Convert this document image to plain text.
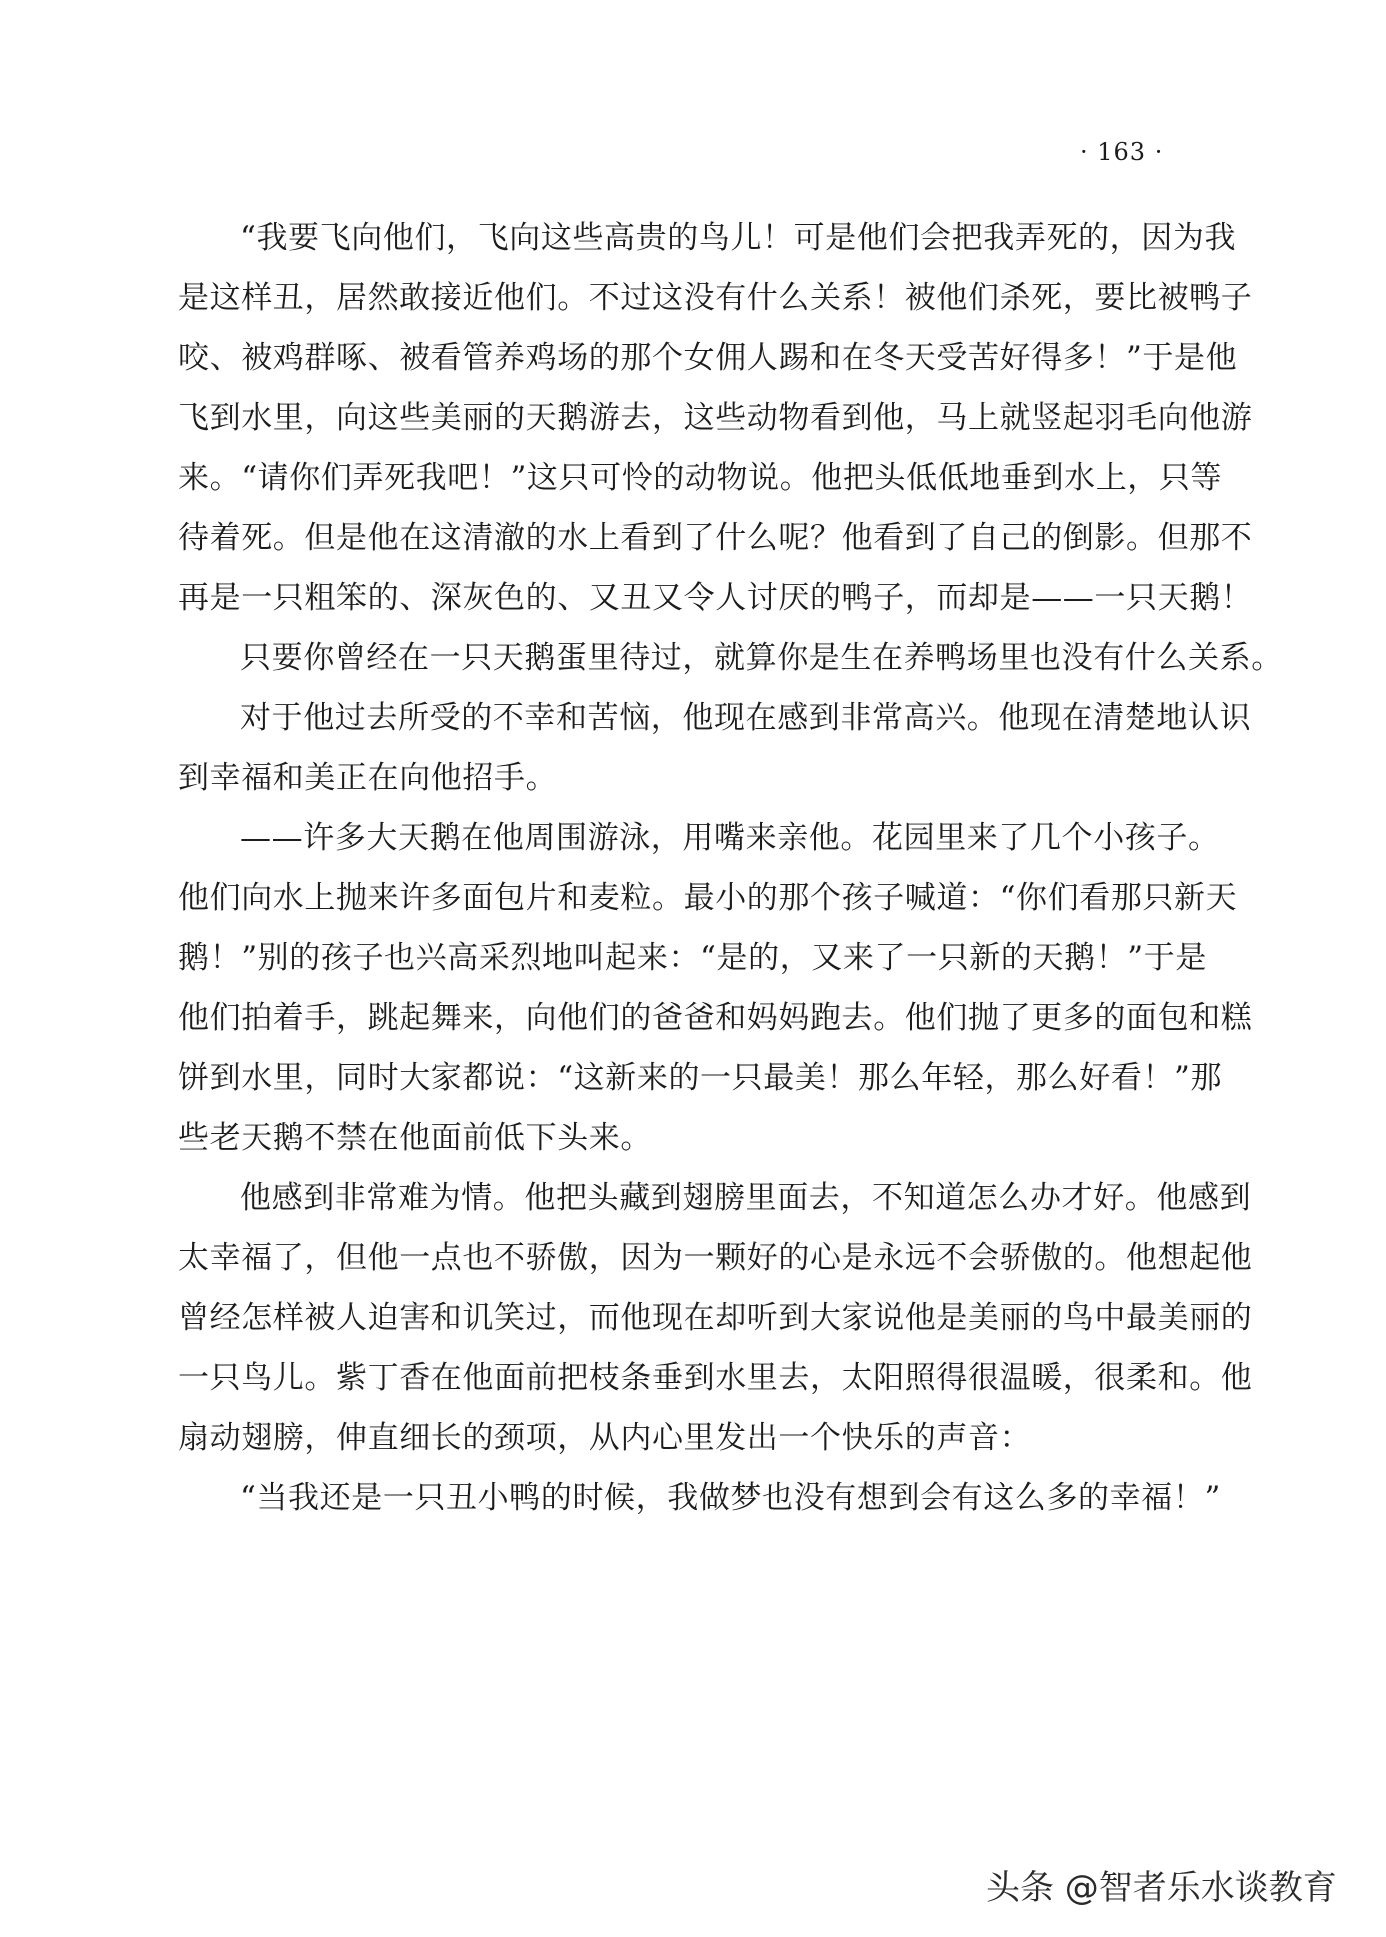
· 163 ·
“我要飞向他们，飞向这些高贵的鸟儿！可是他们会把我弄死的，因为我
是这样丑，居然敢接近他们。不过这没有什么关系！被他们杀死，要比被鸭子
咬、被鸡群啄、被看管养鸡场的那个女佣人踢和在冬天受苦好得多！”于是他
飞到水里，向这些美丽的天鹅游去，这些动物看到他，马上就竖起羽毛向他游
来。“请你们弄死我吧！”这只可怜的动物说。他把头低低地垂到水上，只等
待着死。但是他在这清澈的水上看到了什么呢？他看到了自己的倒影。但那不
再是一只粗笨的、深灰色的、又丑又令人讨厌的鸭子，而却是——一只天鹅！
只要你曾经在一只天鹅蛋里待过，就算你是生在养鸭场里也没有什么关系。
对于他过去所受的不幸和苦恼，他现在感到非常高兴。他现在清楚地认识
到幸福和美正在向他招手。
——许多大天鹅在他周围游泳，用嘴来亲他。花园里来了几个小孩子。
他们向水上抛来许多面包片和麦粒。最小的那个孩子喊道：“你们看那只新天
鹅！”别的孩子也兴高采烈地叫起来：“是的，又来了一只新的天鹅！”于是
他们拍着手，跳起舞来，向他们的爸爸和妈妈跑去。他们抛了更多的面包和糕
饼到水里，同时大家都说：“这新来的一只最美！那么年轻，那么好看！”那
些老天鹅不禁在他面前低下头来。
他感到非常难为情。他把头藏到翅膀里面去，不知道怎么办才好。他感到
太幸福了，但他一点也不骄傲，因为一颗好的心是永远不会骄傲的。他想起他
曾经怎样被人迫害和讥笑过，而他现在却听到大家说他是美丽的鸟中最美丽的
一只鸟儿。紫丁香在他面前把枝条垂到水里去，太阳照得很温暖，很柔和。他
扇动翅膀，伸直细长的颈项，从内心里发出一个快乐的声音：
“当我还是一只丑小鸭的时候，我做梦也没有想到会有这么多的幸福！”
头条 @智者乐水谈教育
